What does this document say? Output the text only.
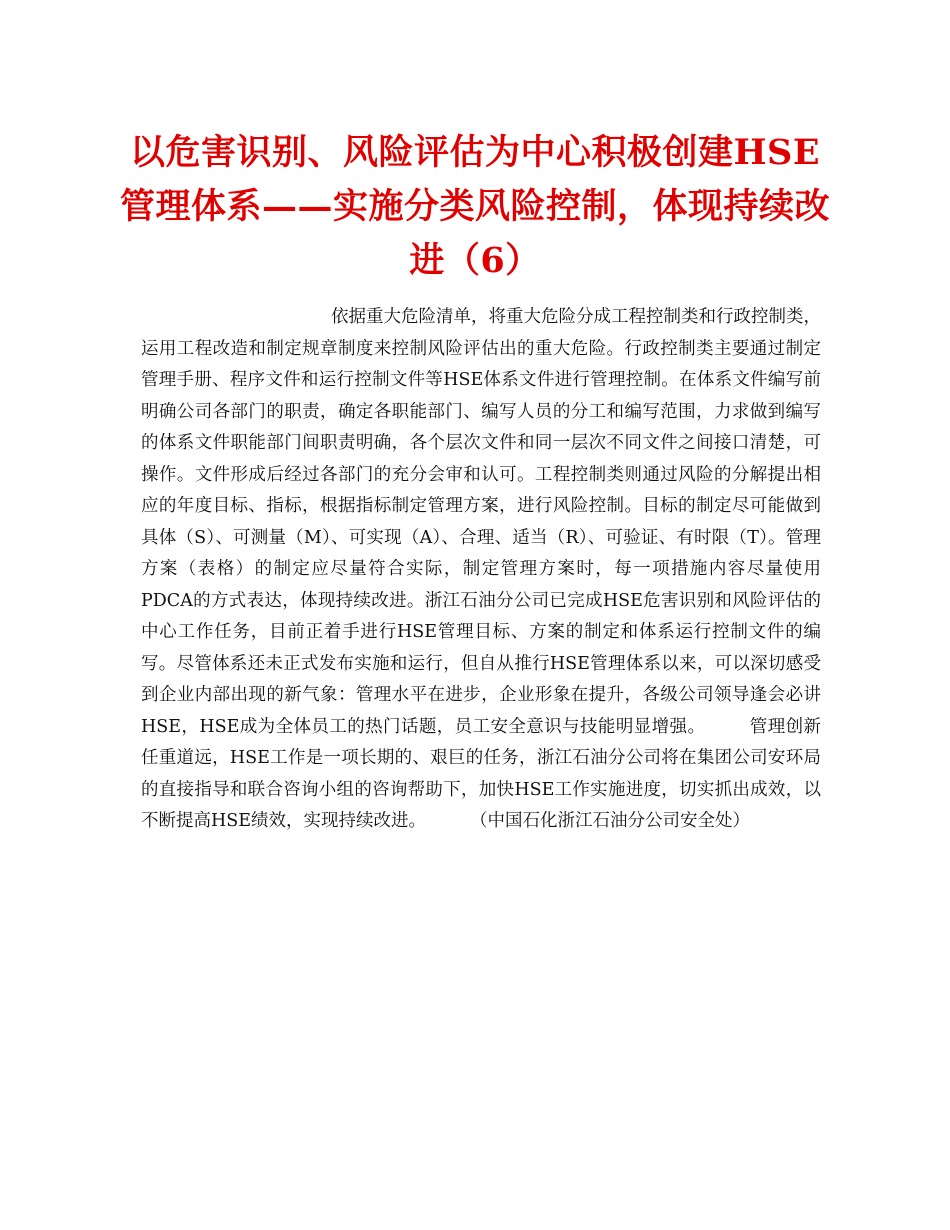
以危害识别、风险评估为中心积极创建HSE管理体系——实施分类风险控制，体现持续改进（6）

依据重大危险清单，将重大危险分成工程控制类和行政控制类，运用工程改造和制定规章制度来控制风险评估出的重大危险。行政控制类主要通过制定管理手册、程序文件和运行控制文件等HSE体系文件进行管理控制。在体系文件编写前明确公司各部门的职责，确定各职能部门、编写人员的分工和编写范围，力求做到编写的体系文件职能部门间职责明确，各个层次文件和同一层次不同文件之间接口清楚，可操作。文件形成后经过各部门的充分会审和认可。工程控制类则通过风险的分解提出相应的年度目标、指标，根据指标制定管理方案，进行风险控制。目标的制定尽可能做到具体（S）、可测量（M）、可实现（A）、合理、适当（R）、可验证、有时限（T）。管理方案（表格）的制定应尽量符合实际，制定管理方案时，每一项措施内容尽量使用PDCA的方式表达，体现持续改进。浙江石油分公司已完成HSE危害识别和风险评估的中心工作任务，目前正着手进行HSE管理目标、方案的制定和体系运行控制文件的编写。尽管体系还未正式发布实施和运行，但自从推行HSE管理体系以来，可以深切感受到企业内部出现的新气象：管理水平在进步，企业形象在提升，各级公司领导逢会必讲HSE，HSE成为全体员工的热门话题，员工安全意识与技能明显增强。	管理创新任重道远，HSE工作是一项长期的、艰巨的任务，浙江石油分公司将在集团公司安环局的直接指导和联合咨询小组的咨询帮助下，加快HSE工作实施进度，切实抓出成效，以不断提高HSE绩效，实现持续改进。	（中国石化浙江石油分公司安全处）
